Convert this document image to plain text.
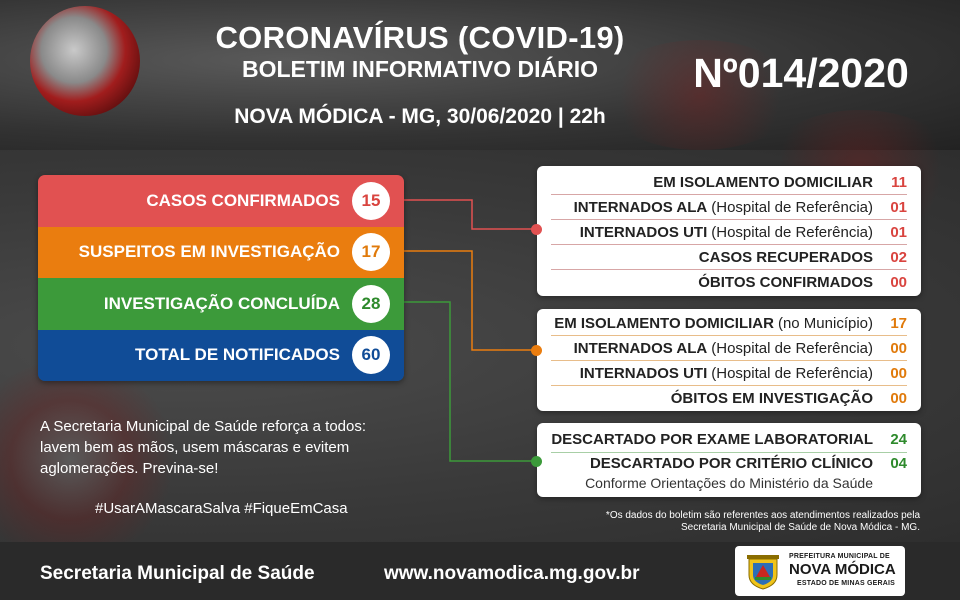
CORONAVÍRUS (COVID-19)
BOLETIM INFORMATIVO DIÁRIO
NOVA MÓDICA - MG, 30/06/2020 | 22h
Nº014/2020
CASOS CONFIRMADOS	15
SUSPEITOS EM INVESTIGAÇÃO	17
INVESTIGAÇÃO CONCLUÍDA	28
TOTAL DE NOTIFICADOS	60
EM ISOLAMENTO DOMICILIAR	11
INTERNADOS ALA (Hospital de Referência)	01
INTERNADOS UTI (Hospital de Referência)	01
CASOS RECUPERADOS	02
ÓBITOS CONFIRMADOS	00
EM ISOLAMENTO DOMICILIAR (no Município)	17
INTERNADOS ALA (Hospital de Referência)	00
INTERNADOS UTI (Hospital de Referência)	00
ÓBITOS EM INVESTIGAÇÃO	00
DESCARTADO POR EXAME LABORATORIAL	24
DESCARTADO POR CRITÉRIO CLÍNICO	04
Conforme Orientações do Ministério da Saúde
A Secretaria Municipal de Saúde reforça a todos: lavem bem as mãos, usem máscaras e evitem aglomerações. Previna-se!
#UsarAMascaraSalva #FiqueEmCasa	*Os dados do boletim são referentes aos atendimentos realizados pela Secretaria Municipal de Saúde de Nova Módica - MG.
Secretaria Municipal de Saúde	www.novamodica.mg.gov.br
PREFEITURA MUNICIPAL DE
NOVA MÓDICA
ESTADO DE MINAS GERAIS
